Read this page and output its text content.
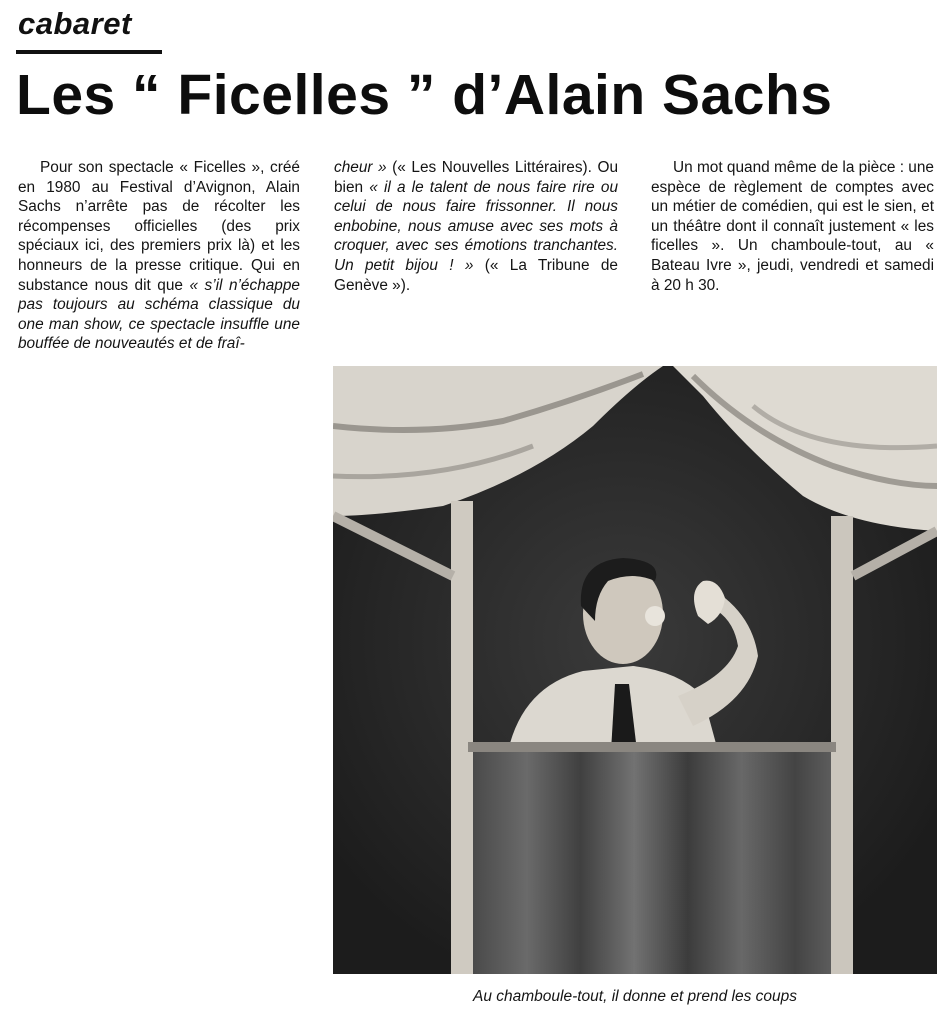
cabaret
Les “ Ficelles ” d’Alain Sachs

Pour son spectacle « Ficelles », créé en 1980 au Festival d’Avignon, Alain Sachs n’arrête pas de récolter les récompenses officielles (des prix spéciaux ici, des premiers prix là) et les honneurs de la presse critique. Qui en substance nous dit que « s’il n’échappe pas toujours au schéma classique du one man show, ce spectacle insuffle une bouffée de nouveautés et de fraî-

cheur » (« Les Nouvelles Littéraires). Ou bien « il a le talent de nous faire rire ou celui de nous faire frissonner. Il nous enbobine, nous amuse avec ses mots à croquer, avec ses émotions tranchantes. Un petit bijou ! » (« La Tribune de Genève »).

Un mot quand même de la pièce : une espèce de règlement de comptes avec un métier de comédien, qui est le sien, et un théâtre dont il connaît justement « les ficelles ». Un chamboule-tout, au « Bateau Ivre », jeudi, vendredi et samedi à 20 h 30.

Au chamboule-tout, il donne et prend les coups
